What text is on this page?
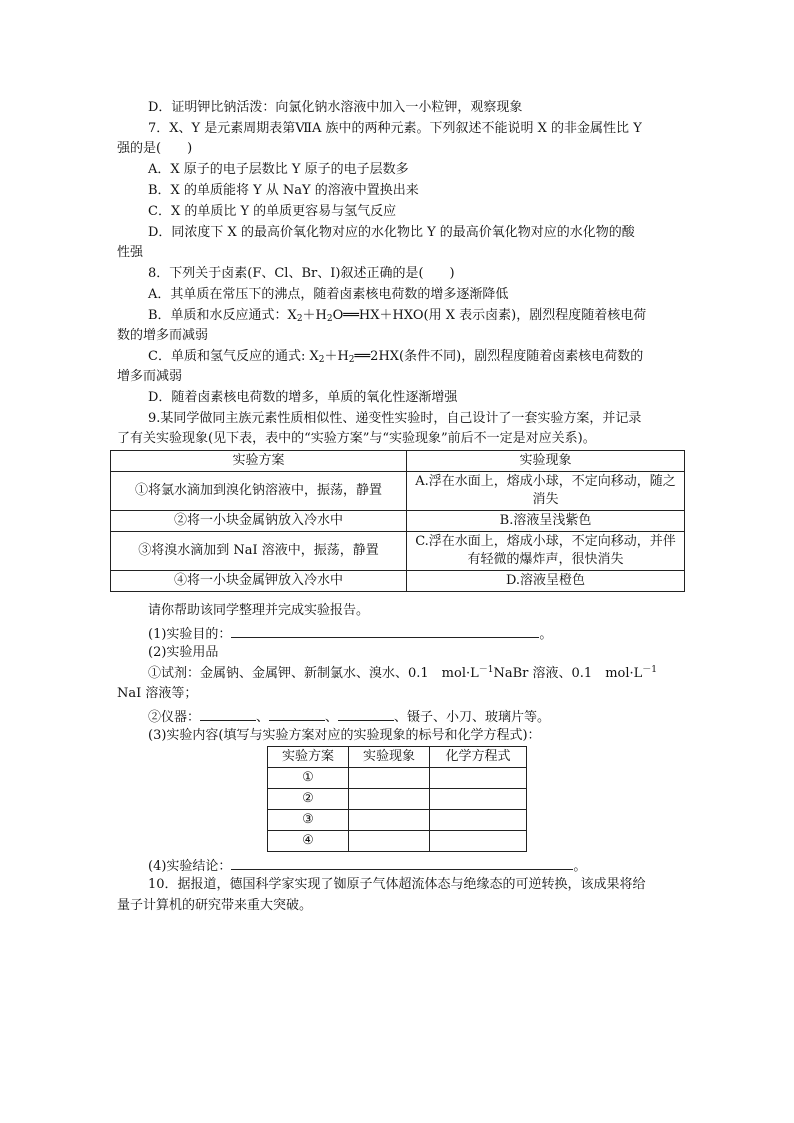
D．证明钾比钠活泼：向氯化钠水溶液中加入一小粒钾，观察现象
7．X、Y 是元素周期表第ⅦA 族中的两种元素。下列叙述不能说明 X 的非金属性比 Y
强的是(　　)
A．X 原子的电子层数比 Y 原子的电子层数多
B．X 的单质能将 Y 从 NaY 的溶液中置换出来
C．X 的单质比 Y 的单质更容易与氢气反应
D．同浓度下 X 的最高价氧化物对应的水化物比 Y 的最高价氧化物对应的水化物的酸
性强
8．下列关于卤素(F、Cl、Br、I)叙述正确的是(　　)
A．其单质在常压下的沸点，随着卤素核电荷数的增多逐渐降低
B．单质和水反应通式：$X_2+H_2O══HX+HXO$(用 X 表示卤素)，剧烈程度随着核电荷
数的增多而减弱
C．单质和氢气反应的通式: $X_2+H_2══2HX$(条件不同)，剧烈程度随着卤素核电荷数的
增多而减弱
D．随着卤素核电荷数的增多，单质的氧化性逐渐增强
9.某同学做同主族元素性质相似性、递变性实验时，自己设计了一套实验方案，并记录
了有关实验现象(见下表，表中的“实验方案”与“实验现象”前后不一定是对应关系)。
实验方案	实验现象
①将氯水滴加到溴化钠溶液中，振荡，静置	A.浮在水面上，熔成小球，不定向移动，随之消失
②将一小块金属钠放入冷水中	B.溶液呈浅紫色
③将溴水滴加到 NaI 溶液中，振荡，静置	C.浮在水面上，熔成小球，不定向移动，并伴有轻微的爆炸声，很快消失
④将一小块金属钾放入冷水中	D.溶液呈橙色
请你帮助该同学整理并完成实验报告。
(1)实验目的：	。
(2)实验用品
①试剂：金属钠、金属钾、新制氯水、溴水、0.1　$mol\cdot L^{-1}NaBr$ 溶液、0.1　$mol\cdot L^{-1}$
NaI 溶液等；
②仪器：	、	、	、镊子、小刀、玻璃片等。
(3)实验内容(填写与实验方案对应的实验现象的标号和化学方程式)：
实验方案	实验现象	化学方程式
①		
②		
③		
④		
(4)实验结论：	。
10．据报道，德国科学家实现了铷原子气体超流体态与绝缘态的可逆转换，该成果将给
量子计算机的研究带来重大突破。
